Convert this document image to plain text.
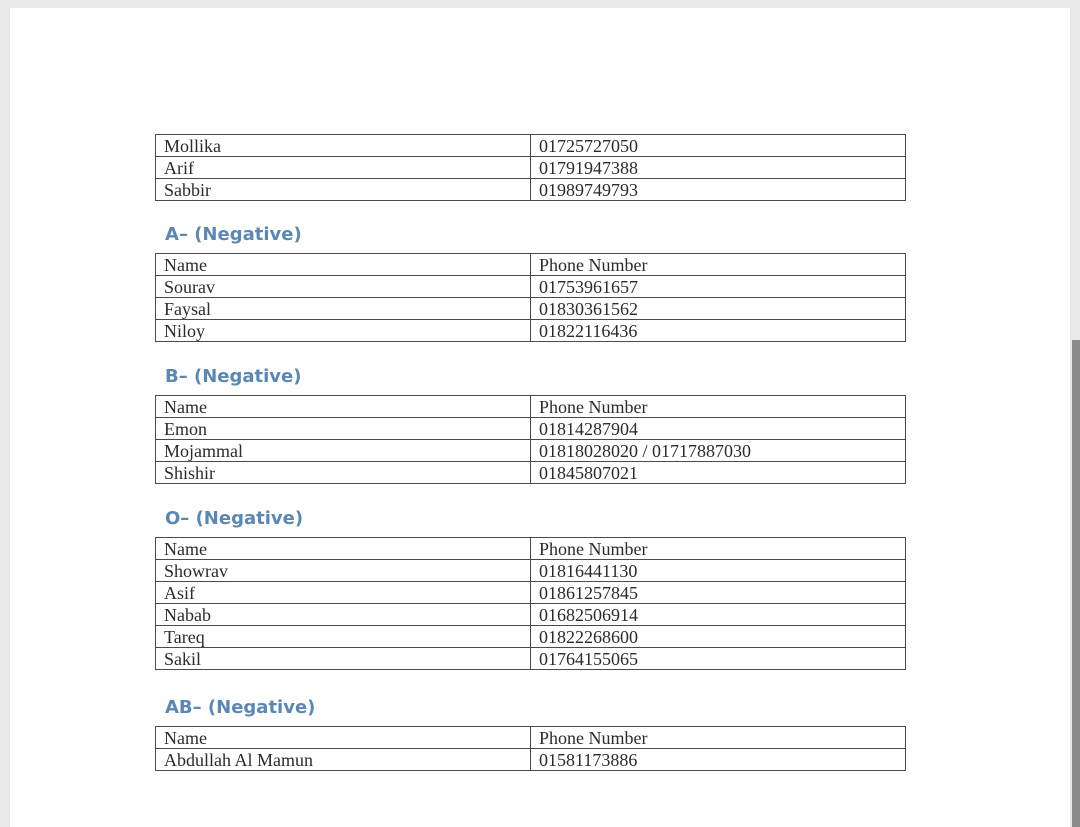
Mollika	01725727050
Arif	01791947388
Sabbir	01989749793
A– (Negative)
Name	Phone Number
Sourav	01753961657
Faysal	01830361562
Niloy	01822116436
B– (Negative)
Name	Phone Number
Emon	01814287904
Mojammal	01818028020 / 01717887030
Shishir	01845807021
O– (Negative)
Name	Phone Number
Showrav	01816441130
Asif	01861257845
Nabab	01682506914
Tareq	01822268600
Sakil	01764155065
AB– (Negative)
Name	Phone Number
Abdullah Al Mamun	01581173886
